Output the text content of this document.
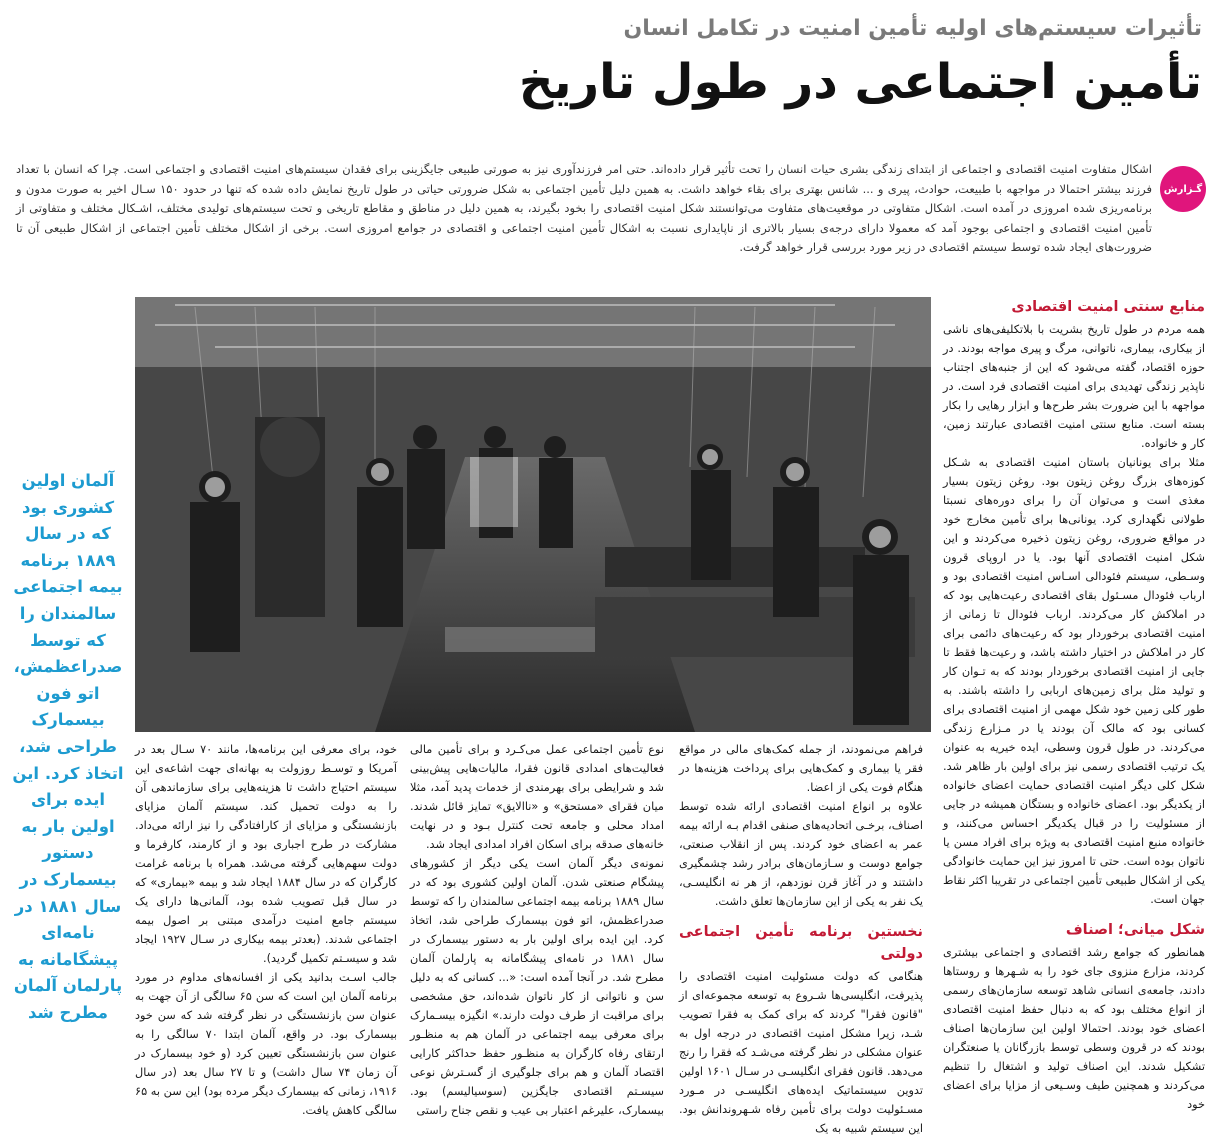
تأثیرات سیستم‌های اولیه تأمین امنیت در تکامل انسان
تأمین اجتماعی در طول تاریخ
گـزارش
اشکال متفاوت امنیت اقتصادی و اجتماعی از ابتدای زندگی بشری حیات انسان را تحت تأثیر قرار داده‌اند. حتی امر فرزندآوری نیز به صورتی طبیعی جایگزینی برای فقدان سیستم‌های امنیت اقتصادی و اجتماعی است. چرا که انسان با تعداد فرزند بیشتر احتمالا در مواجهه با طبیعت، حوادث، پیری و ... شانس بهتری برای بقاء خواهد داشت. به همین دلیل تأمین اجتماعی به شکل ضرورتی حیاتی در طول تاریخ نمایش داده شده که تنها در حدود ۱۵۰ سـال اخیر به صورت مدون و برنامه‌ریزی شده امروزی در آمده است. اشکال متفاوتی در موقعیت‌های متفاوت می‌توانستند شکل امنیت اقتصادی را بخود بگیرند، به همین دلیل در مناطق و مقاطع تاریخی و تحت سیستم‌های تولیدی مختلف، اشـکال مختلف و متفاوتی از تأمین امنیت اقتصادی و اجتماعی بوجود آمد که معمولا دارای درجه‌ی بسیار بالاتری از ناپایداری نسبت به اشکال تأمین امنیت اجتماعی و اقتصادی در جوامع امروزی است. برخی از اشکال مختلف تأمین اجتماعی از اشکال طبیعی آن تا ضرورت‌های ایجاد شده توسط سیستم اقتصادی در زیر مورد بررسی قرار خواهد گرفت.
منابع سنتی امنیت اقتصادی

همه مردم در طول تاریخ بشریت با بلاتکلیفی‌های ناشی از بیکاری، بیماری، ناتوانی، مرگ و پیری مواجه بودند. در حوزه اقتصاد، گفته می‌شود که این از جنبه‌های اجتناب ناپذیر زندگی تهدیدی برای امنیت اقتصادی فرد است. در مواجهه با این ضرورت بشر طرح‌ها و ابزار رهایی را بکار بسته است. منابع سنتی امنیت اقتصادی عبارتند زمین، کار و خانواده.

مثلا برای یونانیان باستان امنیت اقتصادی به شـکل کوزه‌های بزرگ روغن زیتون بود. روغن زیتون بسیار مغذی است و می‌توان آن را برای دوره‌های نسبتا طولانی نگهداری کرد. یونانی‌ها برای تأمین مخارج خود در مواقع ضروری، روغن زیتون ذخیره می‌کردند و این شکل امنیت اقتصادی آنها بود. یا در اروپای قرون وسـطی، سیستم فئودالی اسـاس امنیت اقتصادی بود و ارباب فئودال مسـئول بقای اقتصادی رعیت‌هایی بود که در املاکش کار می‌کردند. ارباب فئودال تا زمانی از امنیت اقتصادی برخوردار بود که رعیت‌های دائمی برای کار در املاکش در اختیار داشته باشد، و رعیت‌ها فقط تا جایی از امنیت اقتصادی برخوردار بودند که به تـوان کار و تولید مثل برای زمین‌های اربابی را داشته باشند. به طور کلی زمین خود شکل مهمی از امنیت اقتصادی برای کسانی بود که مالک آن بودند یا در مـزارع زندگی می‌کردند. در طول قرون وسطی، ایده خیریه به عنوان یک ترتیب اقتصادی رسمی نیز برای اولین بار ظاهر شد. شکل کلی دیگر امنیت اقتصادی حمایت اعضای خانواده از یکدیگر بود. اعضای خانواده و بستگان همیشه در جایی از مسئولیت را در قبال یکدیگر احساس می‌کنند، و خانواده منبع امنیت اقتصادی به ویژه برای افراد مسن یا ناتوان بوده است. حتی تا امروز نیز این حمایت خانوادگی یکی از اشکال طبیعی تأمین اجتماعی در تقریبا اکثر نقاط جهان است.

شکل میانی؛ اصناف

همانطور که جوامع رشد اقتصادی و اجتماعی بیشتری کردند، مزارع منزوی جای خود را به شـهرها و روستاها دادند، جامعه‌ی انسانی شاهد توسعه سازمان‌های رسمی از انواع مختلف بود که به دنبال حفظ امنیت اقتصادی اعضای خود بودند. احتمالا اولین این سازمان‌ها اصناف بودند که در قرون وسطی توسط بازرگانان یا صنعتگران تشکیل شدند. این اصناف تولید و اشتغال را تنظیم می‌کردند و همچنین طیف وسـیعی از مزایا برای اعضای خود

فراهم می‌نمودند، از جمله کمک‌های مالی در مواقع فقر یا بیماری و کمک‌هایی برای پرداخت هزینه‌ها در هنگام فوت یکی از اعضا.

علاوه بر انواع امنیت اقتصادی ارائه شده توسط اصناف، برخـی اتحادیه‌های صنفی اقدام بـه ارائه بیمه عمر به اعضای خود کردند. پس از انقلاب صنعتی، جوامع دوست و سـازمان‌های برادر رشد چشمگیری داشتند و در آغاز قرن نوزدهم، از هر نه انگلیسـی، یک نفر به یکی از این سازمان‌ها تعلق داشت.

نخستین برنامه تأمین اجتماعی دولتی

هنگامی که دولت مسئولیت امنیت اقتصادی را پذیرفت، انگلیسی‌ها شـروع به توسعه مجموعه‌ای از "قانون فقرا" کردند که برای کمک به فقرا تصویب شـد، زیرا مشکل امنیت اقتصادی در درجه اول به عنوان مشکلی در نظر گرفته می‌شـد که فقرا را رنج می‌دهد. قانون فقرای انگلیسـی در سـال ۱۶۰۱ اولین تدوین سیستماتیک ایده‌های انگلیسـی در مـورد مسـئولیت دولت برای تأمین رفاه شـهروندانش بود. این سیستم شبیه به یک

نوع تأمین اجتماعی عمل می‌کـرد و برای تأمین مالی فعالیت‌های امدادی قانون فقرا، مالیات‌هایی پیش‌بینی شد و شرایطی برای بهرمندی از خدمات پدید آمد، مثلا میان فقرای «مستحق» و «ناالایق» تمایز قائل شدند. امداد محلی و جامعه تحت کنترل بـود و در نهایت خانه‌های صدقه برای اسکان افراد امدادی ایجاد شد.

نمونه‌ی دیگر آلمان است یکی دیگر از کشورهای پیشگام صنعتی شدن. آلمان اولین کشوری بود که در سال ۱۸۸۹ برنامه بیمه اجتماعی سالمندان را که توسط صدراعظمش، اتو فون بیسمارک طراحی شد، اتخاذ کرد. این ایده برای اولین بار به دستور بیسمارک در سال ۱۸۸۱ در نامه‌ای پیشگامانه به پارلمان آلمان مطرح شد. در آنجا آمده است: «... کسانی که به دلیل سن و ناتوانی از کار ناتوان شده‌اند، حق مشخصی برای مراقبت از طرف دولت دارند.» انگیزه بیسـمارک برای معرفی بیمه اجتماعی در آلمان هم به منظـور ارتقای رفاه کارگران به منظـور حفظ حداکثر کارایی اقتصاد آلمان و هم برای جلوگیری از گسـترش نوعی سیسـتم اقتصادی جایگزین (سوسیالیسم) بود. بیسمارک، علیرغم اعتبار بی عیب و نقص جناح راستی

خود، برای معرفی این برنامه‌ها، مانند ۷۰ سـال بعد در آمریکا و توسـط روزولت به بهانه‌ای جهت اشاعه‌ی این سیستم احتیاج داشت تا هزینه‌هایی برای سازماندهی آن را به دولت تحمیل کند. سیستم آلمان مزایای بازنشستگی و مزایای از کارافتادگی را نیز ارائه می‌داد. مشارکت در طرح اجباری بود و از کارمند، کارفرما و دولت سهم‌هایی گرفته می‌شد. همراه با برنامه غرامت کارگران که در سال ۱۸۸۴ ایجاد شد و بیمه «بیماری» که در سال قبل تصویب شده بود، آلمانی‌ها دارای یک سیستم جامع امنیت درآمدی مبتنی بر اصول بیمه اجتماعی شدند. (بعدتر بیمه بیکاری در سـال ۱۹۲۷ ایجاد شد و سیسـتم تکمیل گردید).

جالب اسـت بدانید یکی از افسانه‌های مداوم در مورد برنامه آلمان این است که سن ۶۵ سالگی از آن جهت به عنوان سن بازنشستگی در نظر گرفته شد که سن خود بیسمارک بود. در واقع، آلمان ابتدا ۷۰ سالگی را به عنوان سن بازنشستگی تعیین کرد (و خود بیسمارک در آن زمان ۷۴ سال داشت) و تا ۲۷ سال بعد (در سال ۱۹۱۶، زمانی که بیسمارک دیگر مرده بود) این سن به ۶۵ سالگی کاهش یافت.

آلمان اولین کشوری بود که در سال ۱۸۸۹ برنامه بیمه اجتماعی سالمندان را که توسط صدراعظمش، اتو فون بیسمارک طراحی شد، اتخاذ کرد. این ایده برای اولین بار به دستور بیسمارک در سال ۱۸۸۱ در نامه‌ای پیشگامانه به پارلمان آلمان مطرح شد
